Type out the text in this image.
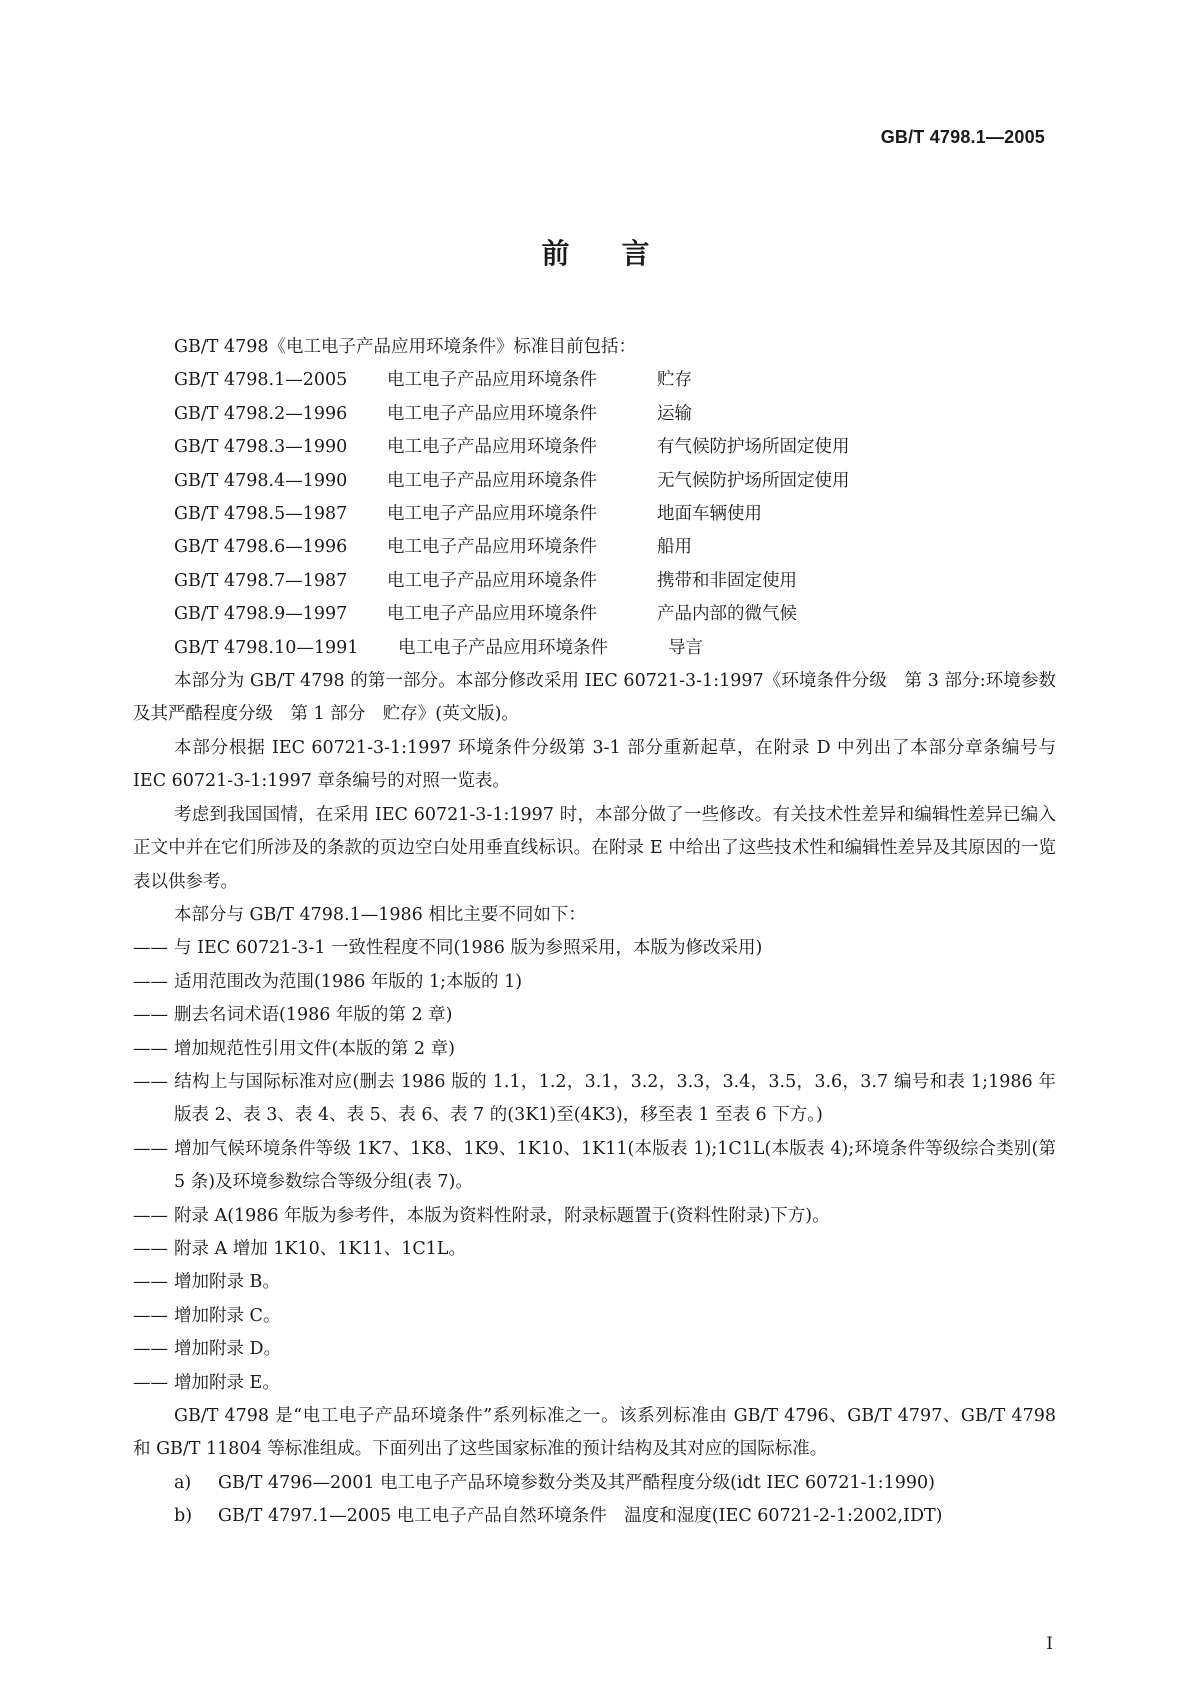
GB/T 4798.1—2005
前言

GB/T 4798《电工电子产品应用环境条件》标准目前包括：

GB/T 4798.1—2005 电工电子产品应用环境条件	贮存

GB/T 4798.2—1996 电工电子产品应用环境条件	运输

GB/T 4798.3—1990 电工电子产品应用环境条件	有气候防护场所固定使用

GB/T 4798.4—1990 电工电子产品应用环境条件	无气候防护场所固定使用

GB/T 4798.5—1987 电工电子产品应用环境条件	地面车辆使用

GB/T 4798.6—1996 电工电子产品应用环境条件	船用

GB/T 4798.7—1987 电工电子产品应用环境条件	携带和非固定使用

GB/T 4798.9—1997 电工电子产品应用环境条件	产品内部的微气候

GB/T 4798.10—1991 电工电子产品应用环境条件	导言

本部分为 GB/T 4798 的第一部分。本部分修改采用 IEC 60721-3-1:1997《环境条件分级　第 3 部分:环境参数及其严酷程度分级　第 1 部分　贮存》(英文版)。

本部分根据 IEC 60721-3-1:1997 环境条件分级第 3-1 部分重新起草，在附录 D 中列出了本部分章条编号与 IEC 60721-3-1:1997 章条编号的对照一览表。

考虑到我国国情，在采用 IEC 60721-3-1:1997 时，本部分做了一些修改。有关技术性差异和编辑性差异已编入正文中并在它们所涉及的条款的页边空白处用垂直线标识。在附录 E 中给出了这些技术性和编辑性差异及其原因的一览表以供参考。

本部分与 GB/T 4798.1—1986 相比主要不同如下：

—— 与 IEC 60721-3-1 一致性程度不同(1986 版为参照采用，本版为修改采用)

—— 适用范围改为范围(1986 年版的 1;本版的 1)

—— 删去名词术语(1986 年版的第 2 章)

—— 增加规范性引用文件(本版的第 2 章)

—— 结构上与国际标准对应(删去 1986 版的 1.1，1.2，3.1，3.2，3.3，3.4，3.5，3.6，3.7 编号和表 1;1986 年版表 2、表 3、表 4、表 5、表 6、表 7 的(3K1)至(4K3)，移至表 1 至表 6 下方。)

—— 增加气候环境条件等级 1K7、1K8、1K9、1K10、1K11(本版表 1);1C1L(本版表 4);环境条件等级综合类别(第 5 条)及环境参数综合等级分组(表 7)。

—— 附录 A(1986 年版为参考件，本版为资料性附录，附录标题置于(资料性附录)下方)。

—— 附录 A 增加 1K10、1K11、1C1L。

—— 增加附录 B。

—— 增加附录 C。

—— 增加附录 D。

—— 增加附录 E。

GB/T 4798 是“电工电子产品环境条件”系列标准之一。该系列标准由 GB/T 4796、GB/T 4797、GB/T 4798 和 GB/T 11804 等标准组成。下面列出了这些国家标准的预计结构及其对应的国际标准。

a) GB/T 4796—2001 电工电子产品环境参数分类及其严酷程度分级(idt IEC 60721-1:1990)

b) GB/T 4797.1—2005 电工电子产品自然环境条件　温度和湿度(IEC 60721-2-1:2002,IDT)

I
